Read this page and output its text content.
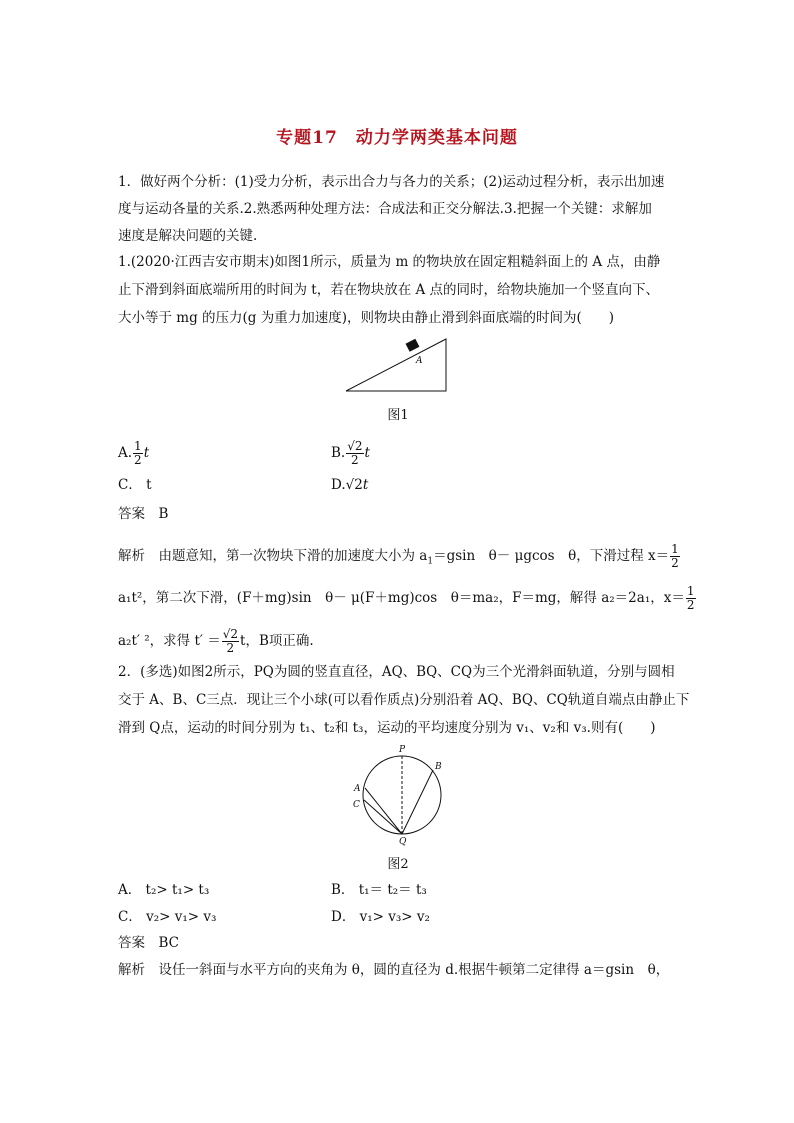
专题17　动力学两类基本问题
1．做好两个分析：(1)受力分析，表示出合力与各力的关系；(2)运动过程分析，表示出加速
度与运动各量的关系.2.熟悉两种处理方法：合成法和正交分解法.3.把握一个关键：求解加
速度是解决问题的关键.
1.(2020·江西吉安市期末)如图1所示，质量为 m 的物块放在固定粗糙斜面上的 A 点，由静
止下滑到斜面底端所用的时间为 t，若在物块放在 A 点的同时，给物块施加一个竖直向下、
大小等于 mg 的压力(g 为重力加速度)，则物块由静止滑到斜面底端的时间为(　　)
A
图1
A. $\frac{1}{2}$ t	B. $\frac{√2}{2}$ t
C． t	D.√2t
答案　B
解析　由题意知，第一次物块下滑的加速度大小为 $a_1=gsin$　θ－ μgcos　θ，下滑过程 $x= \frac{1}{2}$
a₁t²，第二次下滑，(F＋mg)sin　θ－ μ(F＋mg)cos　θ＝ma₂，F＝mg，解得 a₂＝2a₁，$x= \frac{1}{2}$
a₂t′ ²，求得 $t' = \frac{√2}{2}$ t，B项正确.
2．(多选)如图2所示，PQ为圆的竖直直径，AQ、BQ、CQ为三个光滑斜面轨道，分别与圆相
交于 A、B、C三点．现让三个小球(可以看作质点)分别沿着 AQ、BQ、CQ轨道自端点由静止下
滑到 Q点，运动的时间分别为 t₁、t₂和 t₃，运动的平均速度分别为 v₁、v₂和 v₃.则有(　　)
P
B
A
C
Q
图2
A． t₂> t₁> t₃	B． t₁＝ t₂＝ t₃
C． v₂> v₁> v₃	D． v₁> v₃> v₂
答案　BC
解析　设任一斜面与水平方向的夹角为 θ，圆的直径为 d.根据牛顿第二定律得 a＝gsin　θ，
